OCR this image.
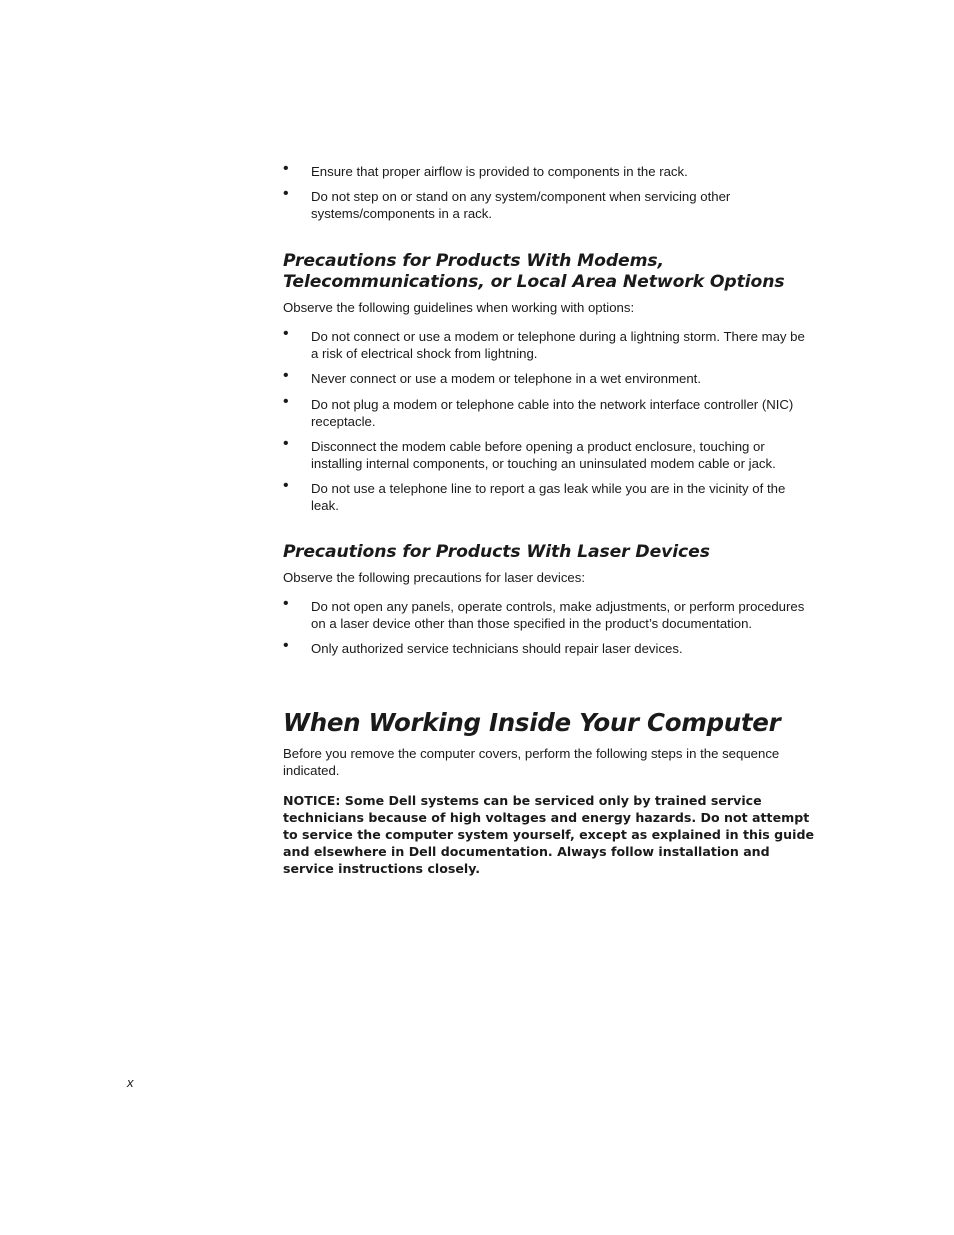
• Ensure that proper airflow is provided to components in the rack.
• Do not step on or stand on any system/component when servicing other systems/components in a rack.
Precautions for Products With Modems,
Telecommunications, or Local Area Network Options

Observe the following guidelines when working with options:

• Do not connect or use a modem or telephone during a lightning storm. There may be a risk of electrical shock from lightning.
• Never connect or use a modem or telephone in a wet environment.
• Do not plug a modem or telephone cable into the network interface controller (NIC) receptacle.
• Disconnect the modem cable before opening a product enclosure, touching or installing internal components, or touching an uninsulated modem cable or jack.
• Do not use a telephone line to report a gas leak while you are in the vicinity of the leak.
Precautions for Products With Laser Devices

Observe the following precautions for laser devices:

• Do not open any panels, operate controls, make adjustments, or perform procedures on a laser device other than those specified in the product’s documentation.
• Only authorized service technicians should repair laser devices.
When Working Inside Your Computer

Before you remove the computer covers, perform the following steps in the sequence indicated.

NOTICE: Some Dell systems can be serviced only by trained service technicians because of high voltages and energy hazards. Do not attempt to service the computer system yourself, except as explained in this guide and elsewhere in Dell documentation. Always follow installation and service instructions closely.

x
